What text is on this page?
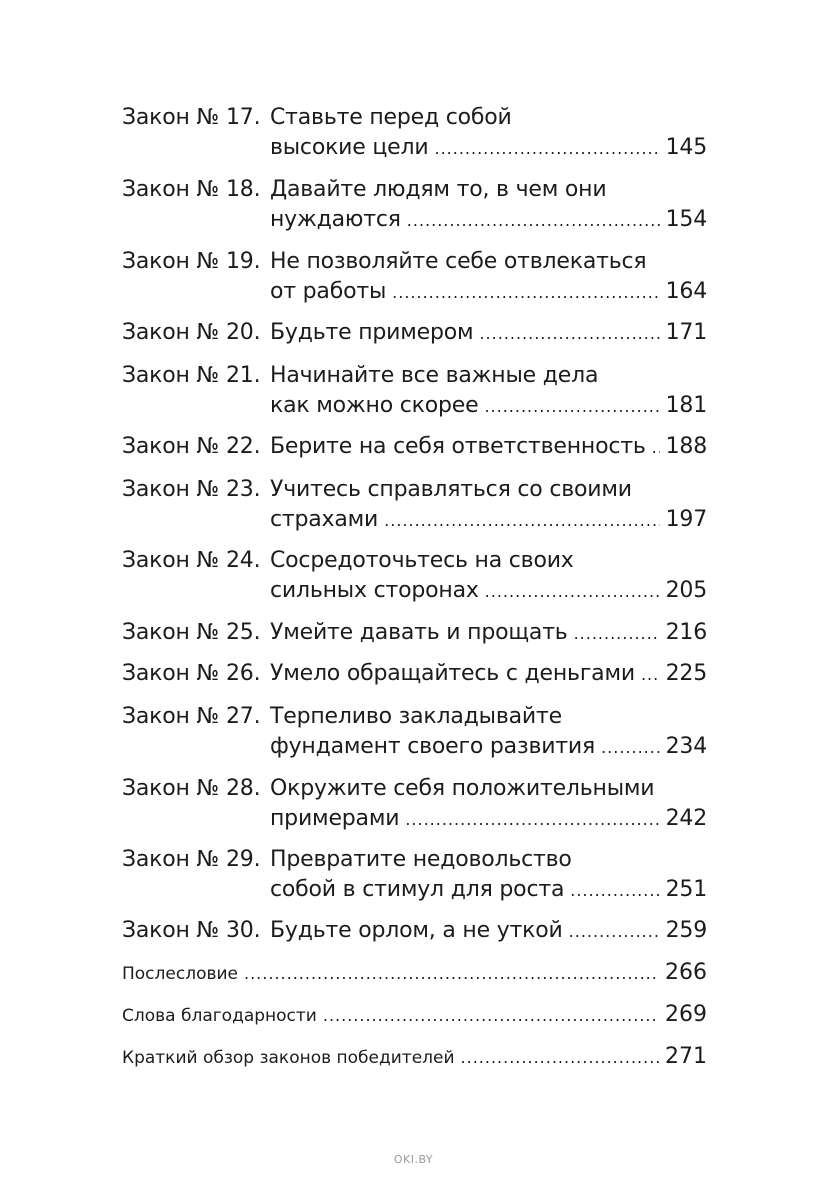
Закон № 17. Ставьте перед собой
высокие цели .....	145
Закон № 18. Давайте людям то, в чем они
нуждаются .....	154
Закон № 19. Не позволяйте себе отвлекаться
от работы .....	164
Закон № 20. Будьте примером .....	171
Закон № 21. Начинайте все важные дела
как можно скорее .....	181
Закон № 22. Берите на себя ответственность ..... 188
Закон № 23. Учитесь справляться со своими
страхами .....	197
Закон № 24. Сосредоточьтесь на своих
сильных сторонах .....	205
Закон № 25. Умейте давать и прощать .....	216
Закон № 26. Умело обращайтесь с деньгами ..... 225
Закон № 27. Терпеливо закладывайте
фундамент своего развития .....	234
Закон № 28. Окружите себя положительными
примерами .....	242
Закон № 29. Превратите недовольство
собой в стимул для роста .....	251
Закон № 30. Будьте орлом, а не уткой .....	259
Послесловие .....	266
Слова благодарности .....	269
Краткий обзор законов победителей .....	271
OKI.BY
